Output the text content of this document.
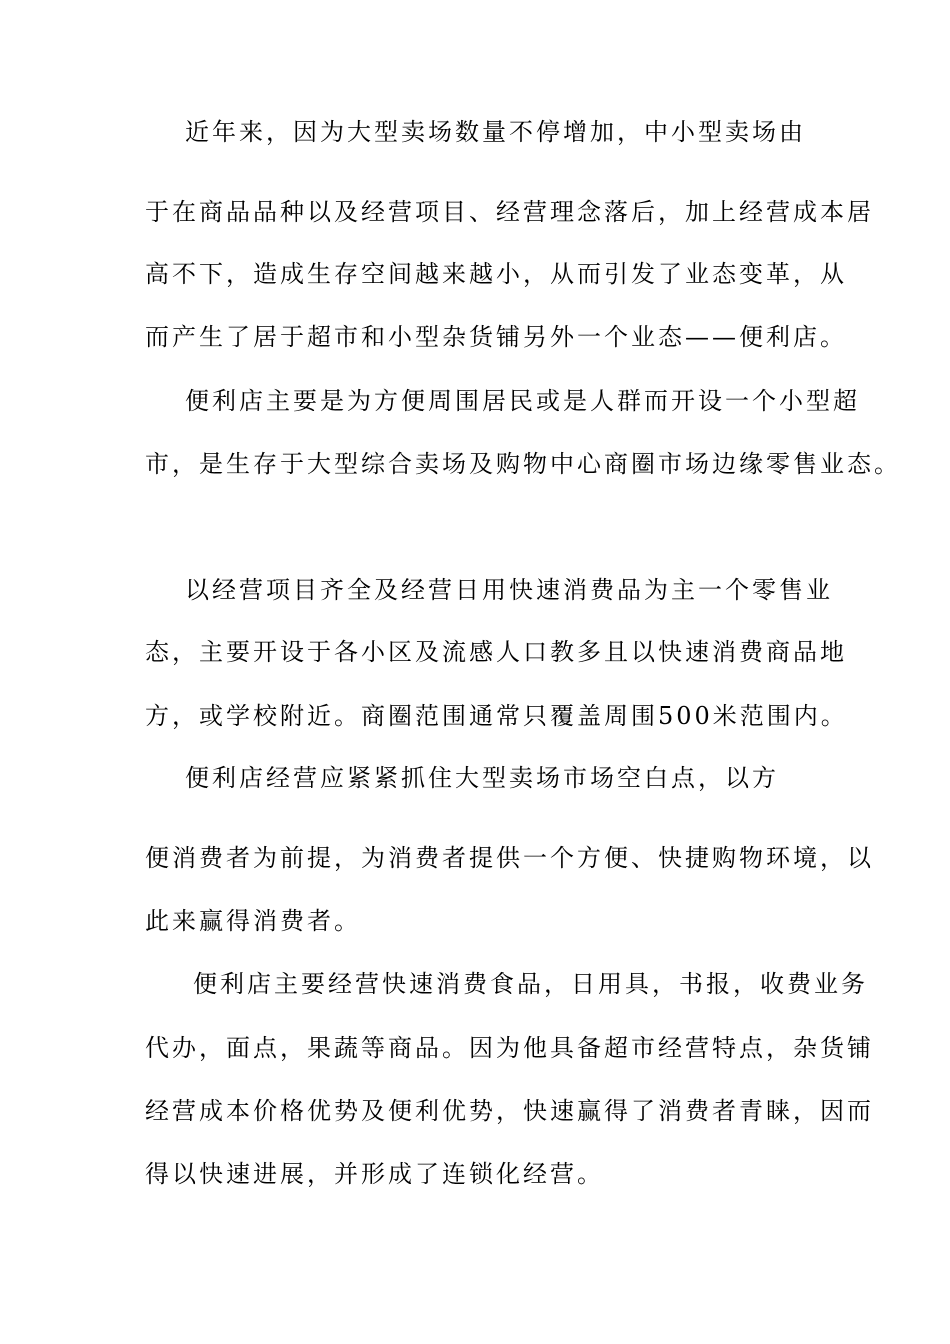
近年来，因为大型卖场数量不停增加，中小型卖场由
于在商品品种以及经营项目、经营理念落后，加上经营成本居
高不下，造成生存空间越来越小，从而引发了业态变革，从
而产生了居于超市和小型杂货铺另外一个业态——便利店。
便利店主要是为方便周围居民或是人群而开设一个小型超
市，是生存于大型综合卖场及购物中心商圈市场边缘零售业态。
以经营项目齐全及经营日用快速消费品为主一个零售业
态，主要开设于各小区及流感人口教多且以快速消费商品地
方，或学校附近。商圈范围通常只覆盖周围500米范围内。
便利店经营应紧紧抓住大型卖场市场空白点，以方
便消费者为前提，为消费者提供一个方便、快捷购物环境，以
此来赢得消费者。
便利店主要经营快速消费食品，日用具，书报，收费业务
代办，面点，果蔬等商品。因为他具备超市经营特点，杂货铺
经营成本价格优势及便利优势，快速赢得了消费者青睐，因而
得以快速进展，并形成了连锁化经营。
